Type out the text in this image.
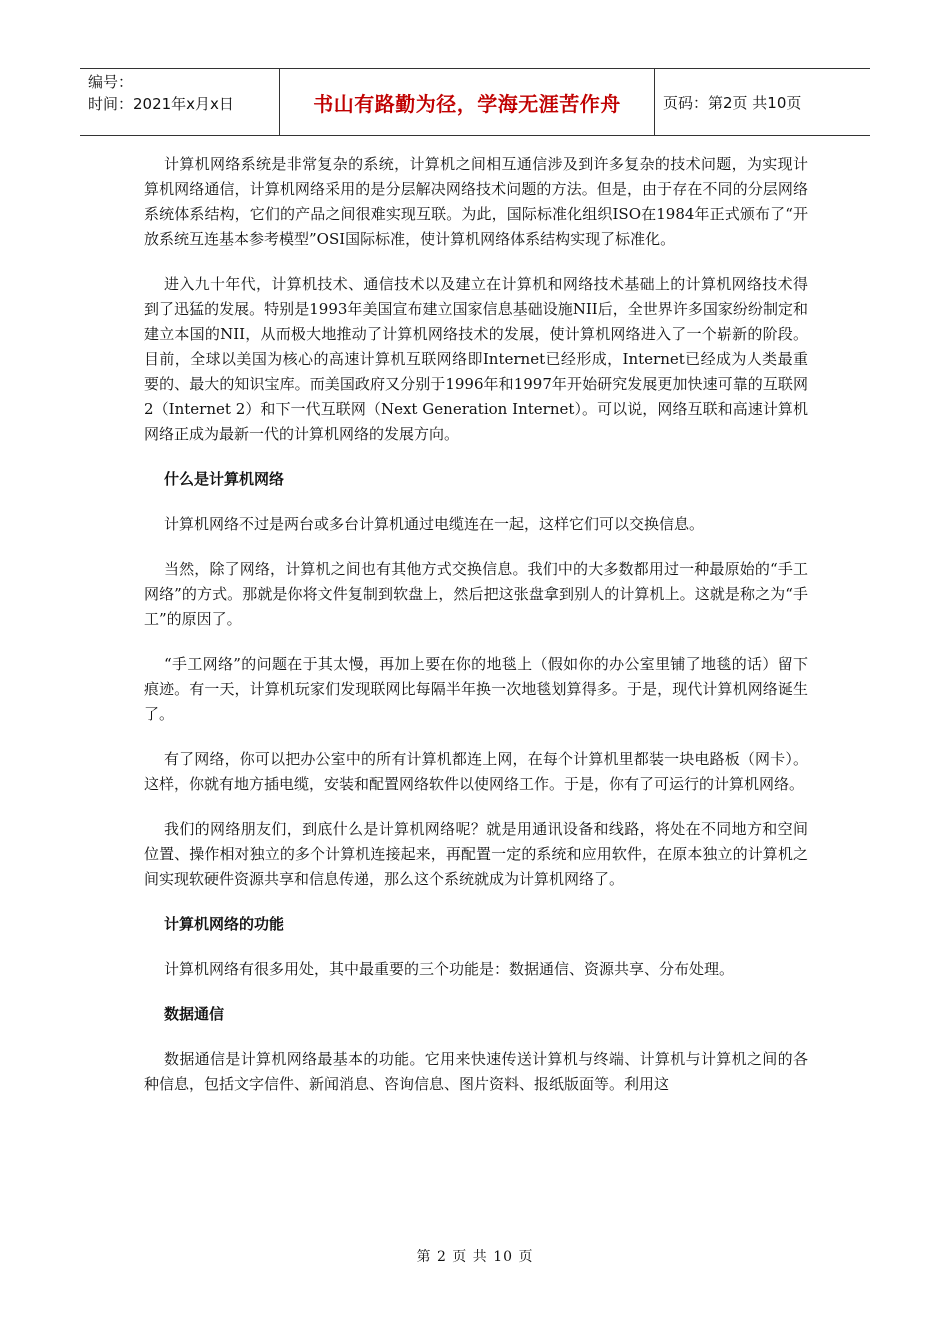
编号：
时间：2021年x月x日	书山有路勤为径，学海无涯苦作舟	页码：第2页 共10页

计算机网络系统是非常复杂的系统，计算机之间相互通信涉及到许多复杂的技术问题，为实现计算机网络通信，计算机网络采用的是分层解决网络技术问题的方法。但是，由于存在不同的分层网络系统体系结构，它们的产品之间很难实现互联。为此，国际标准化组织ISO在1984年正式颁布了“开放系统互连基本参考模型”OSI国际标准，使计算机网络体系结构实现了标准化。

进入九十年代，计算机技术、通信技术以及建立在计算机和网络技术基础上的计算机网络技术得到了迅猛的发展。特别是1993年美国宣布建立国家信息基础设施NII后，全世界许多国家纷纷制定和建立本国的NII，从而极大地推动了计算机网络技术的发展，使计算机网络进入了一个崭新的阶段。目前，全球以美国为核心的高速计算机互联网络即Internet已经形成，Internet已经成为人类最重要的、最大的知识宝库。而美国政府又分别于1996年和1997年开始研究发展更加快速可靠的互联网2（Internet 2）和下一代互联网（Next Generation Internet）。可以说，网络互联和高速计算机网络正成为最新一代的计算机网络的发展方向。

什么是计算机网络

计算机网络不过是两台或多台计算机通过电缆连在一起，这样它们可以交换信息。

当然，除了网络，计算机之间也有其他方式交换信息。我们中的大多数都用过一种最原始的“手工网络”的方式。那就是你将文件复制到软盘上，然后把这张盘拿到别人的计算机上。这就是称之为“手工”的原因了。

“手工网络”的问题在于其太慢，再加上要在你的地毯上（假如你的办公室里铺了地毯的话）留下痕迹。有一天，计算机玩家们发现联网比每隔半年换一次地毯划算得多。于是，现代计算机网络诞生了。

有了网络，你可以把办公室中的所有计算机都连上网，在每个计算机里都装一块电路板（网卡）。这样，你就有地方插电缆，安装和配置网络软件以使网络工作。于是，你有了可运行的计算机网络。

我们的网络朋友们，到底什么是计算机网络呢？就是用通讯设备和线路，将处在不同地方和空间位置、操作相对独立的多个计算机连接起来，再配置一定的系统和应用软件，在原本独立的计算机之间实现软硬件资源共享和信息传递，那么这个系统就成为计算机网络了。

计算机网络的功能

计算机网络有很多用处，其中最重要的三个功能是：数据通信、资源共享、分布处理。

数据通信

数据通信是计算机网络最基本的功能。它用来快速传送计算机与终端、计算机与计算机之间的各种信息，包括文字信件、新闻消息、咨询信息、图片资料、报纸版面等。利用这

第 2 页 共 10 页
